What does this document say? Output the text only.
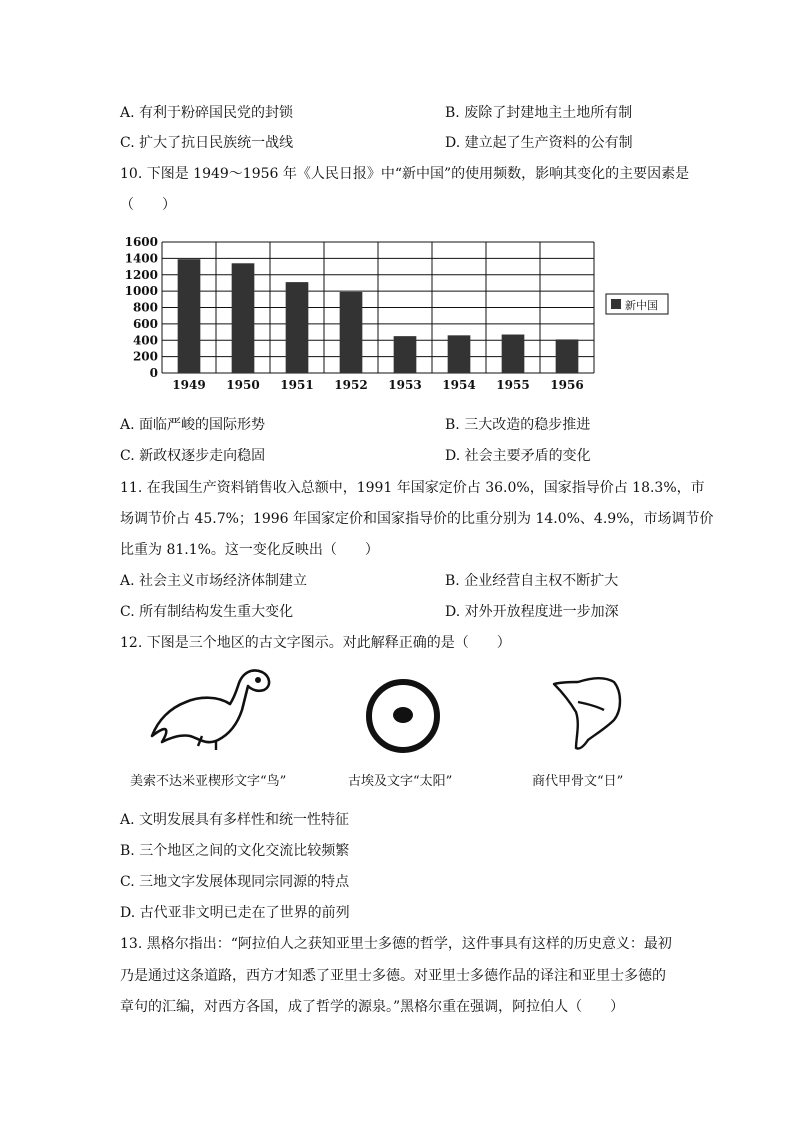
A. 有利于粉碎国民党的封锁	B. 废除了封建地主土地所有制
C. 扩大了抗日民族统一战线	D. 建立起了生产资料的公有制
10. 下图是 1949～1956 年《人民日报》中“新中国”的使用频数，影响其变化的主要因素是
（　　）
0
200
400
600
800
1000
1200
1400
1600
1949 1950 1951 1952 1953 1954 1955 1956
新中国
A. 面临严峻的国际形势	B. 三大改造的稳步推进
C. 新政权逐步走向稳固	D. 社会主要矛盾的变化
11. 在我国生产资料销售收入总额中，1991 年国家定价占 36.0%，国家指导价占 18.3%，市
场调节价占 45.7%；1996 年国家定价和国家指导价的比重分别为 14.0%、4.9%，市场调节价
比重为 81.1%。这一变化反映出（　　）
A. 社会主义市场经济体制建立	B. 企业经营自主权不断扩大
C. 所有制结构发生重大变化	D. 对外开放程度进一步加深
12. 下图是三个地区的古文字图示。对此解释正确的是（　　）
美索不达米亚楔形文字“鸟”	古埃及文字“太阳”	商代甲骨文“日”
A. 文明发展具有多样性和统一性特征
B. 三个地区之间的文化交流比较频繁
C. 三地文字发展体现同宗同源的特点
D. 古代亚非文明已走在了世界的前列
13. 黑格尔指出：“阿拉伯人之获知亚里士多德的哲学，这件事具有这样的历史意义：最初
乃是通过这条道路，西方才知悉了亚里士多德。对亚里士多德作品的译注和亚里士多德的
章句的汇编，对西方各国，成了哲学的源泉。”黑格尔重在强调，阿拉伯人（　　）
